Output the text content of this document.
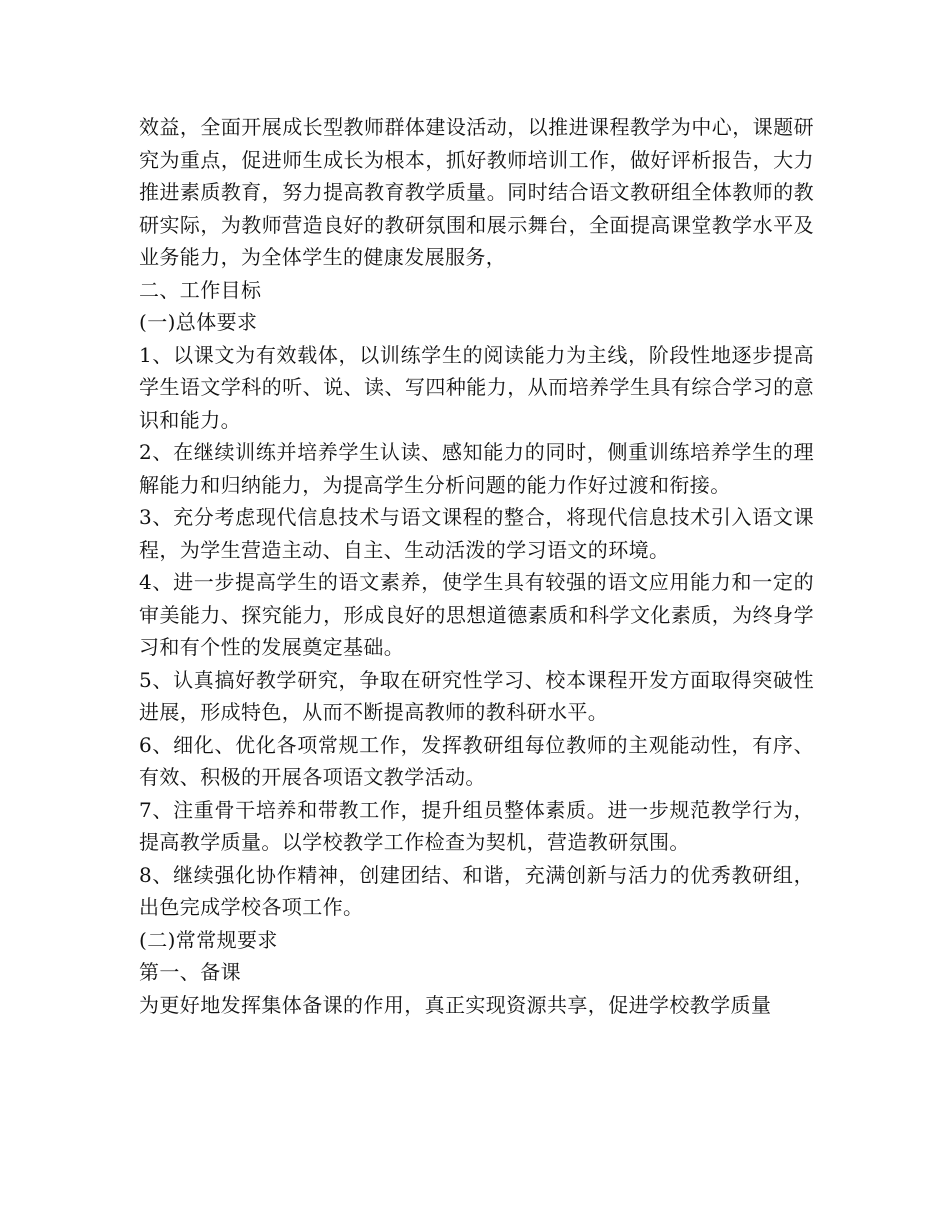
效益，全面开展成长型教师群体建设活动，以推进课程教学为中心，课题研究为重点，促进师生成长为根本，抓好教师培训工作，做好评析报告，大力推进素质教育，努力提高教育教学质量。同时结合语文教研组全体教师的教研实际，为教师营造良好的教研氛围和展示舞台，全面提高课堂教学水平及业务能力，为全体学生的健康发展服务，

二、工作目标

(一)总体要求

1、以课文为有效载体，以训练学生的阅读能力为主线，阶段性地逐步提高学生语文学科的听、说、读、写四种能力，从而培养学生具有综合学习的意识和能力。

2、在继续训练并培养学生认读、感知能力的同时，侧重训练培养学生的理解能力和归纳能力，为提高学生分析问题的能力作好过渡和衔接。

3、充分考虑现代信息技术与语文课程的整合，将现代信息技术引入语文课程，为学生营造主动、自主、生动活泼的学习语文的环境。

4、进一步提高学生的语文素养，使学生具有较强的语文应用能力和一定的审美能力、探究能力，形成良好的思想道德素质和科学文化素质，为终身学习和有个性的发展奠定基础。

5、认真搞好教学研究，争取在研究性学习、校本课程开发方面取得突破性进展，形成特色，从而不断提高教师的教科研水平。

6、细化、优化各项常规工作，发挥教研组每位教师的主观能动性，有序、有效、积极的开展各项语文教学活动。

7、注重骨干培养和带教工作，提升组员整体素质。进一步规范教学行为，提高教学质量。以学校教学工作检查为契机，营造教研氛围。

8、继续强化协作精神，创建团结、和谐，充满创新与活力的优秀教研组，出色完成学校各项工作。

(二)常常规要求

第一、备课

为更好地发挥集体备课的作用，真正实现资源共享，促进学校教学质量
